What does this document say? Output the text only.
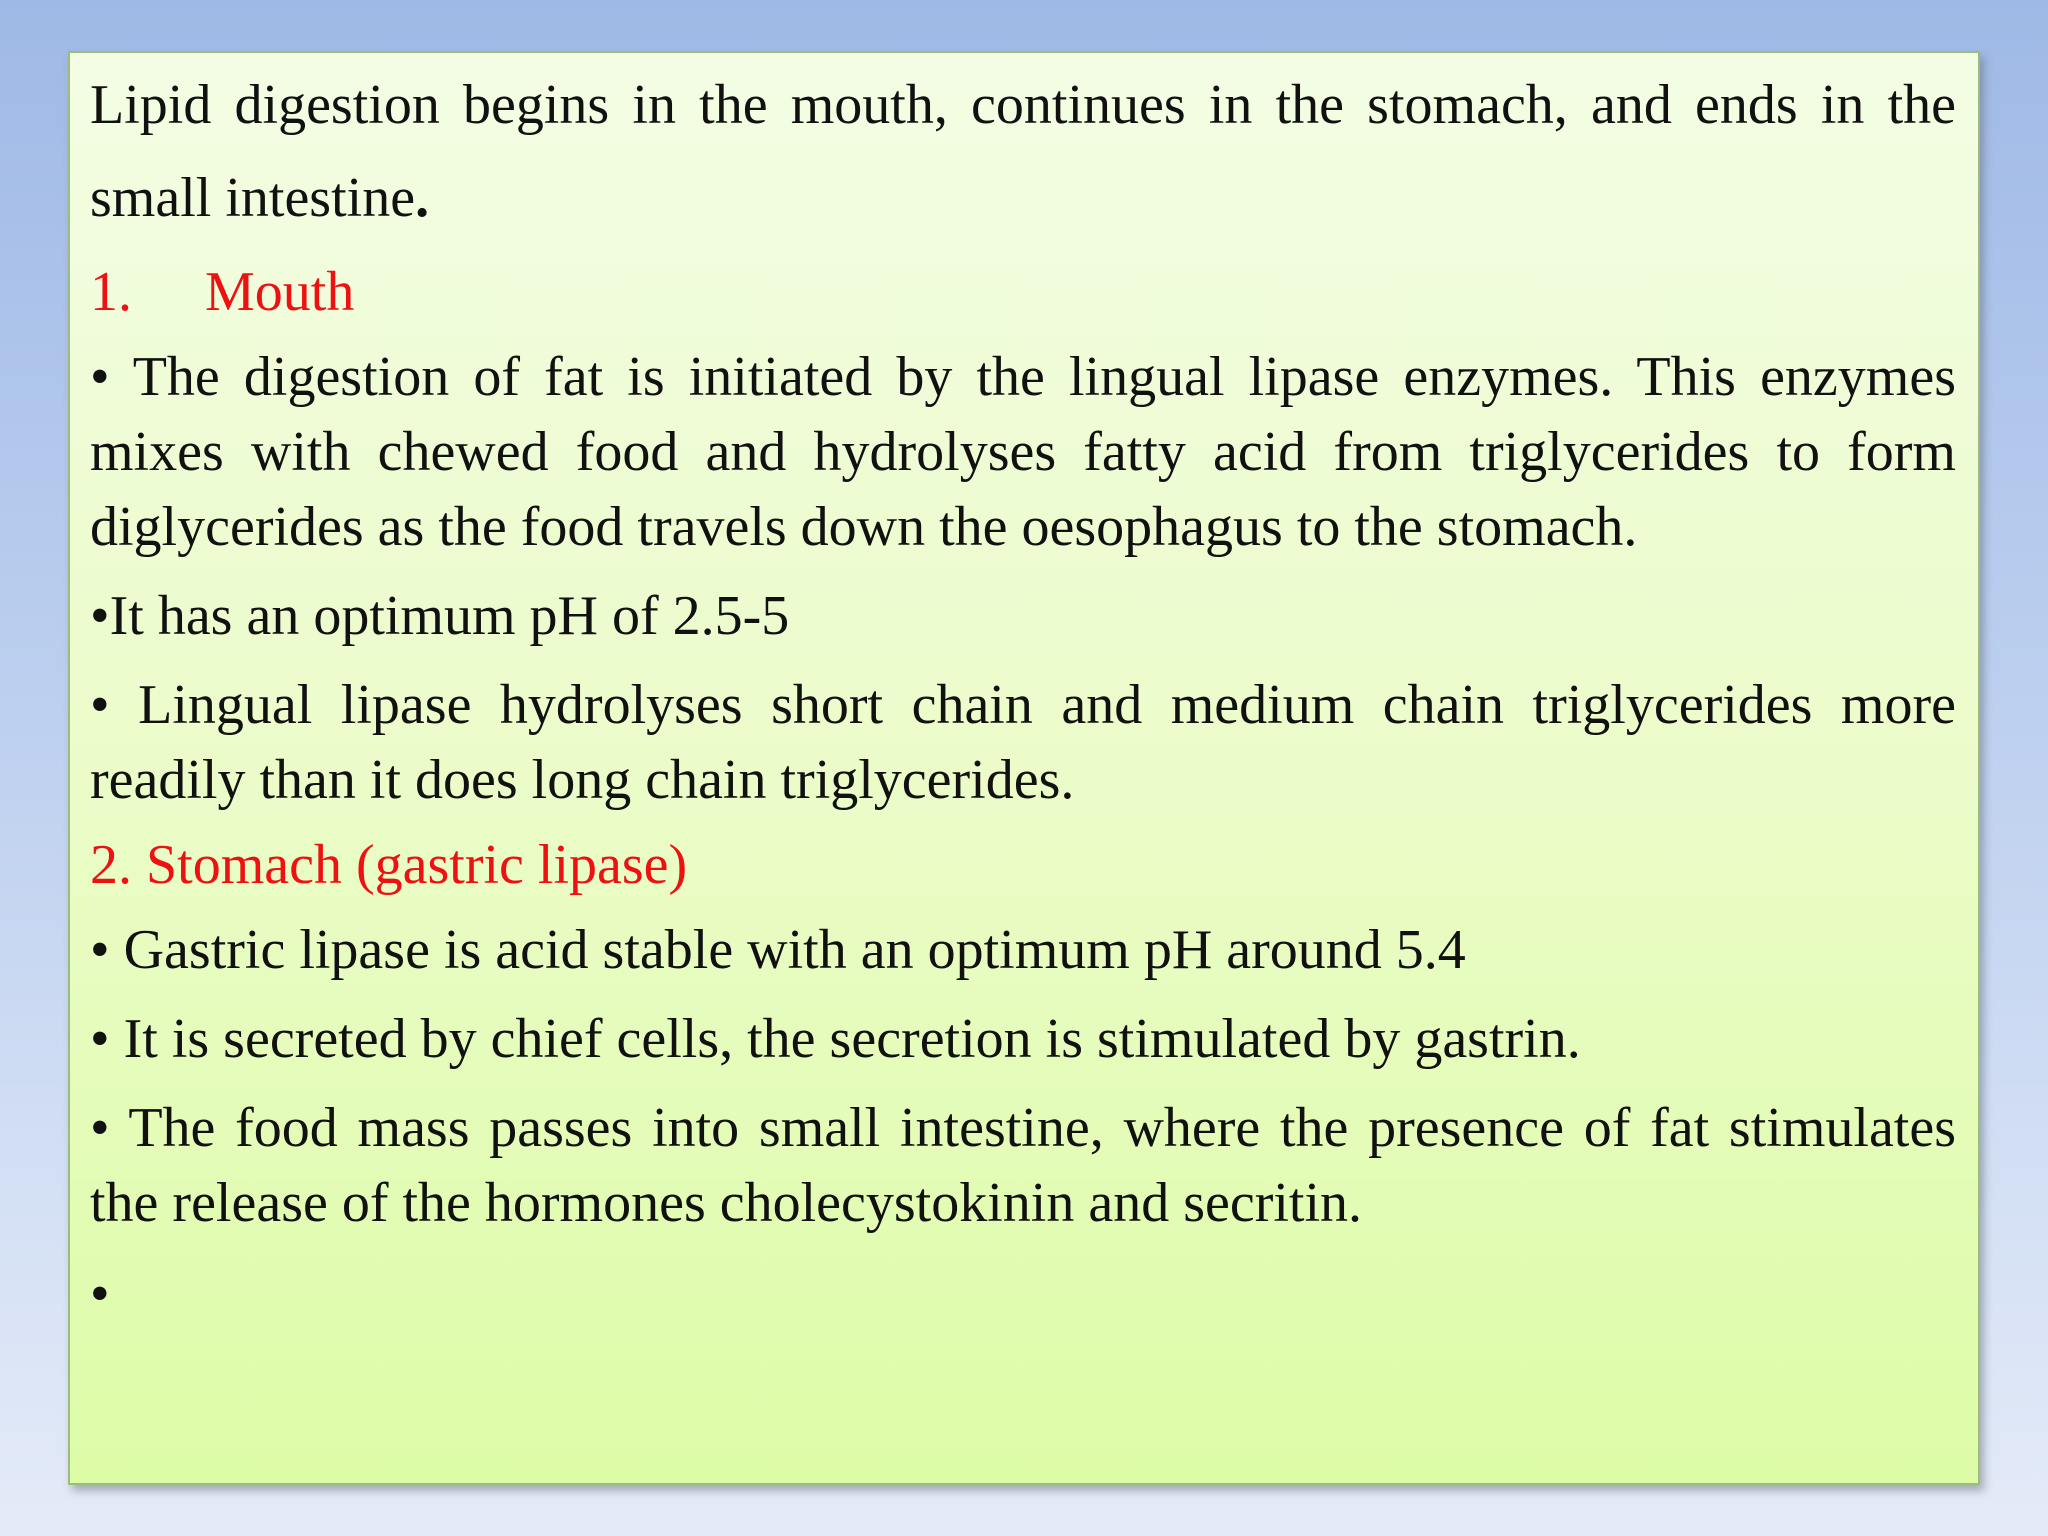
Lipid digestion begins in the mouth, continues in the stomach, and ends in the small intestine.

1. Mouth

• The digestion of fat is initiated by the lingual lipase enzymes. This enzymes mixes with chewed food and hydrolyses fatty acid from triglycerides to form diglycerides as the food travels down the oesophagus to the stomach.

•It has an optimum pH of 2.5-5

• Lingual lipase hydrolyses short chain and medium chain triglycerides more readily than it does long chain triglycerides.

2. Stomach (gastric lipase)

• Gastric lipase is acid stable with an optimum pH around 5.4

• It is secreted by chief cells, the secretion is stimulated by gastrin.

• The food mass passes into small intestine, where the presence of fat stimulates the release of the hormones cholecystokinin and secritin.

•
